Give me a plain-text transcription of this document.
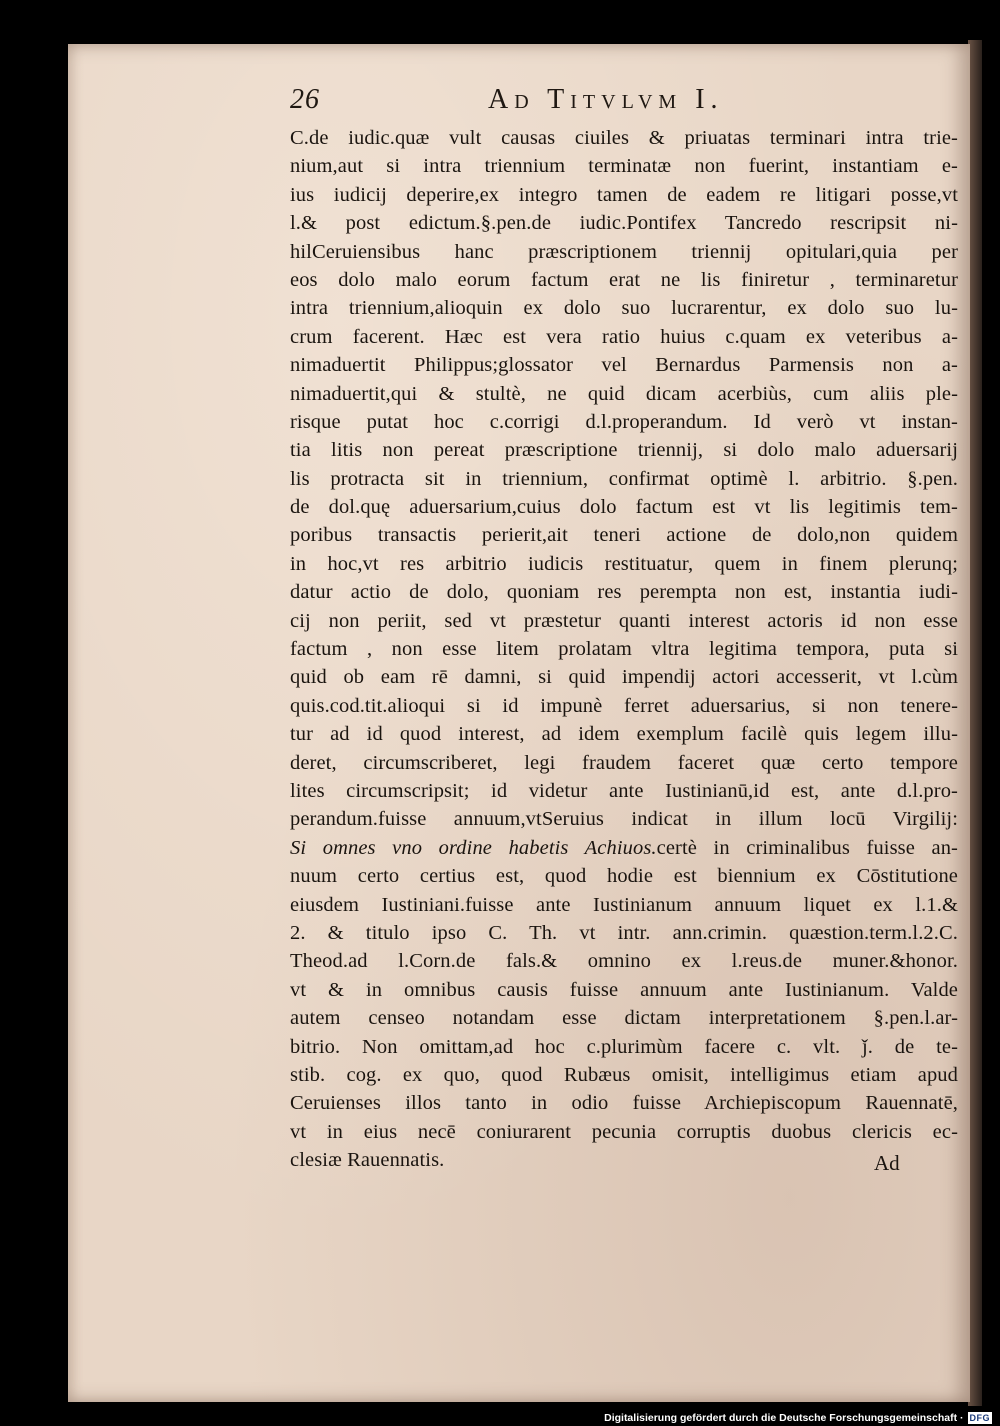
26	Ad Titvlvm I.
C.de iudic.quæ vult causas ciuiles & priuatas terminari intra trie-
nium,aut si intra triennium terminatæ non fuerint, instantiam e-
ius iudicij deperire,ex integro tamen de eadem re litigari posse,vt
l.& post edictum.§.pen.de iudic.Pontifex Tancredo rescripsit ni-
hilCeruiensibus hanc præscriptionem triennij opitulari,quia per
eos dolo malo eorum factum erat ne lis finiretur , terminaretur
intra triennium,alioquin ex dolo suo lucrarentur, ex dolo suo lu-
crum facerent. Hæc est vera ratio huius c.quam ex veteribus a-
nimaduertit Philippus;glossator vel Bernardus Parmensis non a-
nimaduertit,qui & stultè, ne quid dicam acerbiùs, cum aliis ple-
risque putat hoc c.corrigi d.l.properandum. Id verò vt instan-
tia litis non pereat præscriptione triennij, si dolo malo aduersarij
lis protracta sit in triennium, confirmat optimè l. arbitrio. §.pen.
de dol.quę aduersarium,cuius dolo factum est vt lis legitimis tem-
poribus transactis perierit,ait teneri actione de dolo,non quidem
in hoc,vt res arbitrio iudicis restituatur, quem in finem plerunq;
datur actio de dolo, quoniam res perempta non est, instantia iudi-
cij non periit, sed vt præstetur quanti interest actoris id non esse
factum , non esse litem prolatam vltra legitima tempora, puta si
quid ob eam rē damni, si quid impendij actori accesserit, vt l.cùm
quis.cod.tit.alioqui si id impunè ferret aduersarius, si non tenere-
tur ad id quod interest, ad idem exemplum facilè quis legem illu-
deret, circumscriberet, legi fraudem faceret quæ certo tempore
lites circumscripsit; id videtur ante Iustinianū,id est, ante d.l.pro-
perandum.fuisse annuum,vtSeruius indicat in illum locū Virgilij:
Si omnes vno ordine habetis Achiuos.certè in criminalibus fuisse an-
nuum certo certius est, quod hodie est biennium ex Cōstitutione
eiusdem Iustiniani.fuisse ante Iustinianum annuum liquet ex l.1.&
2. & titulo ipso C. Th. vt intr. ann.crimin. quæstion.term.l.2.C.
Theod.ad l.Corn.de fals.& omnino ex l.reus.de muner.&honor.
vt & in omnibus causis fuisse annuum ante Iustinianum. Valde
autem censeo notandam esse dictam interpretationem §.pen.l.ar-
bitrio. Non omittam,ad hoc c.plurimùm facere c. vlt. ǰ. de te-
stib. cog. ex quo, quod Rubæus omisit, intelligimus etiam apud
Ceruienses illos tanto in odio fuisse Archiepiscopum Rauennatē,
vt in eius necē coniurarent pecunia corruptis duobus clericis ec-
clesiæ Rauennatis.	Ad
Digitalisierung gefördert durch die Deutsche Forschungsgemeinschaft · DFG
